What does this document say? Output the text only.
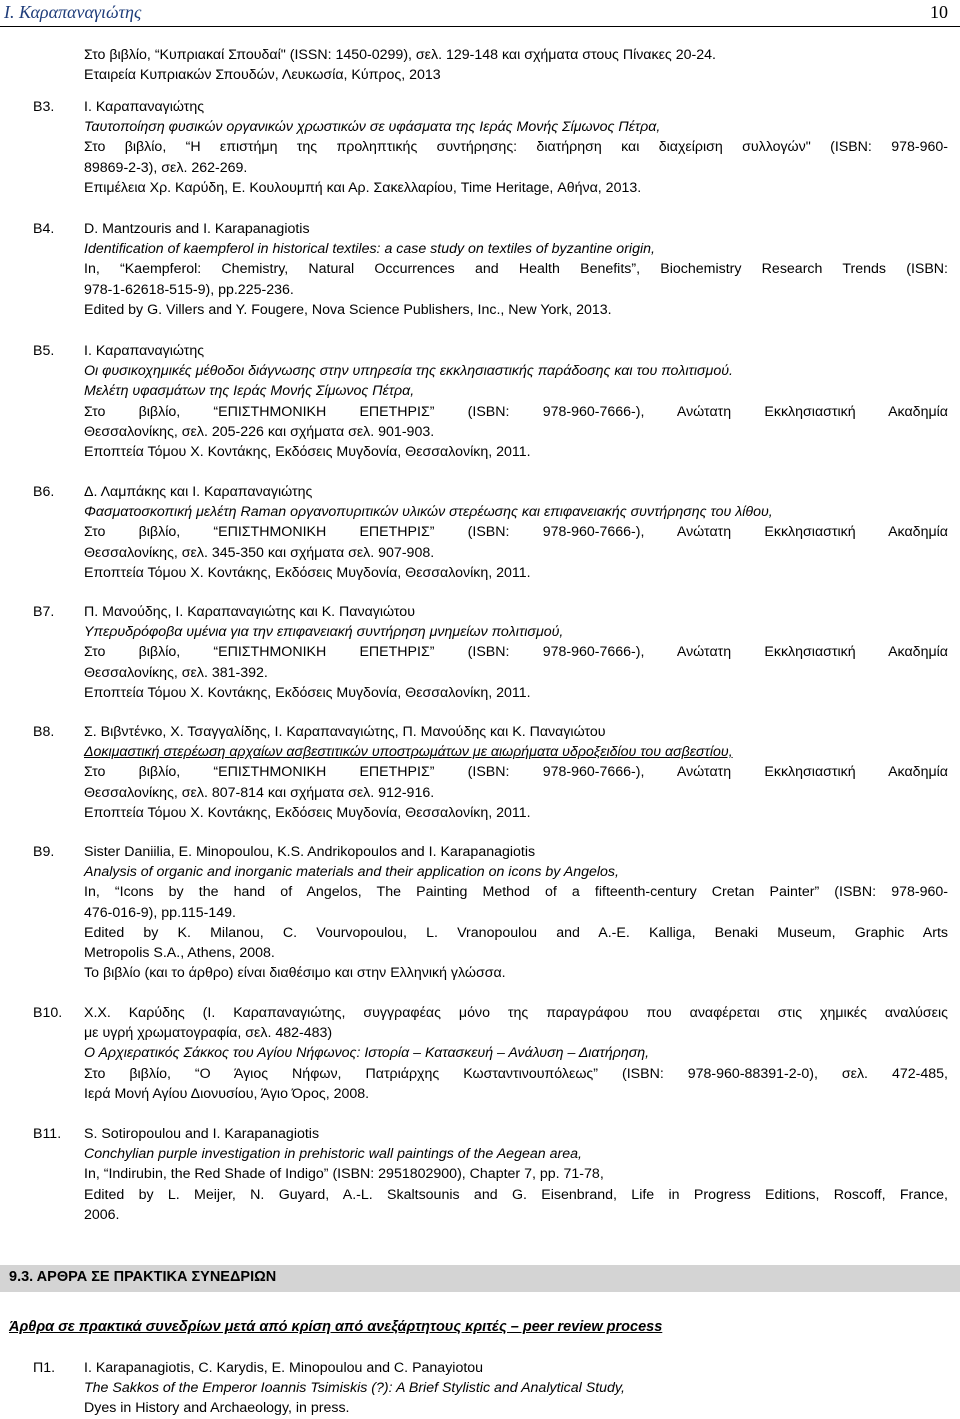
Ι. Καραπαναγιώτης	10
Στο βιβλίο, “Κυπριακαί Σπουδαί" (ISSN: 1450-0299), σελ. 129-148 και σχήματα στους Πίνακες 20-24.
Εταιρεία Κυπριακών Σπουδών, Λευκωσία, Κύπρος, 2013
Β3. Ι. Καραπαναγιώτης
Ταυτοποίηση φυσικών οργανικών χρωστικών σε υφάσματα της Ιεράς Μονής Σίμωνος Πέτρα,
Στο βιβλίο, “Η επιστήμη της προληπτικής συντήρησης: διατήρηση και διαχείριση συλλογών" (ISBN: 978-960-
89869-2-3), σελ. 262-269.
Επιμέλεια Χρ. Καρύδη, Ε. Κουλουμπή και Αρ. Σακελλαρίου, Time Heritage, Αθήνα, 2013.
B4. D. Mantzouris and I. Karapanagiotis
Identification of kaempferol in historical textiles: a case study on textiles of byzantine origin,
In, “Kaempferol: Chemistry, Natural Occurrences and Health Benefits”, Biochemistry Research Trends (ISBN:
978-1-62618-515-9), pp.225-236.
Edited by G. Villers and Y. Fougere, Nova Science Publishers, Inc., New York, 2013.
Β5. Ι. Καραπαναγιώτης
Οι φυσικοχημικές μέθοδοι διάγνωσης στην υπηρεσία της εκκλησιαστικής παράδοσης και του πολιτισμού.
Μελέτη υφασμάτων της Ιεράς Μονής Σίμωνος Πέτρα,
Στο βιβλίο, “ΕΠΙΣΤΗΜΟΝΙΚΗ ΕΠΕΤΗΡΙΣ” (ISBN: 978-960-7666-), Ανώτατη Εκκλησιαστική Ακαδημία
Θεσσαλονίκης, σελ. 205-226 και σχήματα σελ. 901-903.
Εποπτεία Τόμου Χ. Κοντάκης, Εκδόσεις Μυγδονία, Θεσσαλονίκη, 2011.
Β6. Δ. Λαμπάκης και Ι. Καραπαναγιώτης
Φασματοσκοπική μελέτη Raman οργανοπυριτικών υλικών στερέωσης και επιφανειακής συντήρησης του λίθου,
Στο βιβλίο, “ΕΠΙΣΤΗΜΟΝΙΚΗ ΕΠΕΤΗΡΙΣ” (ISBN: 978-960-7666-), Ανώτατη Εκκλησιαστική Ακαδημία
Θεσσαλονίκης, σελ. 345-350 και σχήματα σελ. 907-908.
Εποπτεία Τόμου Χ. Κοντάκης, Εκδόσεις Μυγδονία, Θεσσαλονίκη, 2011.
Β7. Π. Μανούδης, Ι. Καραπαναγιώτης και Κ. Παναγιώτου
Υπερυδρόφοβα υμένια για την επιφανειακή συντήρηση μνημείων πολιτισμού,
Στο βιβλίο, “ΕΠΙΣΤΗΜΟΝΙΚΗ ΕΠΕΤΗΡΙΣ” (ISBN: 978-960-7666-), Ανώτατη Εκκλησιαστική Ακαδημία
Θεσσαλονίκης, σελ. 381-392.
Εποπτεία Τόμου Χ. Κοντάκης, Εκδόσεις Μυγδονία, Θεσσαλονίκη, 2011.
Β8. Σ. Βιβντένκο, Χ. Τσαγγαλίδης, Ι. Καραπαναγιώτης, Π. Μανούδης και Κ. Παναγιώτου
Δοκιμαστική στερέωση αρχαίων ασβεστιτικών υποστρωμάτων με αιωρήματα υδροξειδίου του ασβεστίου,
Στο βιβλίο, “ΕΠΙΣΤΗΜΟΝΙΚΗ ΕΠΕΤΗΡΙΣ” (ISBN: 978-960-7666-), Ανώτατη Εκκλησιαστική Ακαδημία
Θεσσαλονίκης, σελ. 807-814 και σχήματα σελ. 912-916.
Εποπτεία Τόμου Χ. Κοντάκης, Εκδόσεις Μυγδονία, Θεσσαλονίκη, 2011.
B9. Sister Daniilia, E. Minopoulou, K.S. Andrikopoulos and I. Karapanagiotis
Analysis of organic and inorganic materials and their application on icons by Angelos,
In, “Icons by the hand of Angelos, The Painting Method of a fifteenth-century Cretan Painter” (ISBN: 978-960-
476-016-9), pp.115-149.
Edited by K. Milanou, C. Vourvopoulou, L. Vranopoulou and A.-E. Kalliga, Benaki Museum, Graphic Arts
Metropolis S.A., Athens, 2008.
Το βιβλίο (και το άρθρο) είναι διαθέσιμο και στην Ελληνική γλώσσα.
Β10. Χ.Χ. Καρύδης (Ι. Καραπαναγιώτης, συγγραφέας μόνο της παραγράφου που αναφέρεται στις χημικές αναλύσεις
με υγρή χρωματογραφία, σελ. 482-483)
Ο Αρχιερατικός Σάκκος του Αγίου Νήφωνος: Ιστορία – Κατασκευή – Ανάλυση – Διατήρηση,
Στο βιβλίο, “Ο Άγιος Νήφων, Πατριάρχης Κωσταντινουπόλεως” (ISBN: 978-960-88391-2-0), σελ. 472-485,
Ιερά Μονή Αγίου Διονυσίου, Άγιο Όρος, 2008.
B11. S. Sotiropoulou and I. Karapanagiotis
Conchylian purple investigation in prehistoric wall paintings of the Aegean area,
In, “Indirubin, the Red Shade of Indigo” (ISBN: 2951802900), Chapter 7, pp. 71-78,
Edited by L. Meijer, N. Guyard, A.-L. Skaltsounis and G. Eisenbrand, Life in Progress Editions, Roscoff, France,
2006.
9.3. ΑΡΘΡΑ ΣΕ ΠΡΑΚΤΙΚΑ ΣΥΝΕΔΡΙΩΝ
Άρθρα σε πρακτικά συνεδρίων μετά από κρίση από ανεξάρτητους κριτές – peer review process
Π1. I. Karapanagiotis, C. Karydis, E. Minopoulou and C. Panayiotou
The Sakkos of the Emperor Ioannis Tsimiskis (?): A Brief Stylistic and Analytical Study,
Dyes in History and Archaeology, in press.
